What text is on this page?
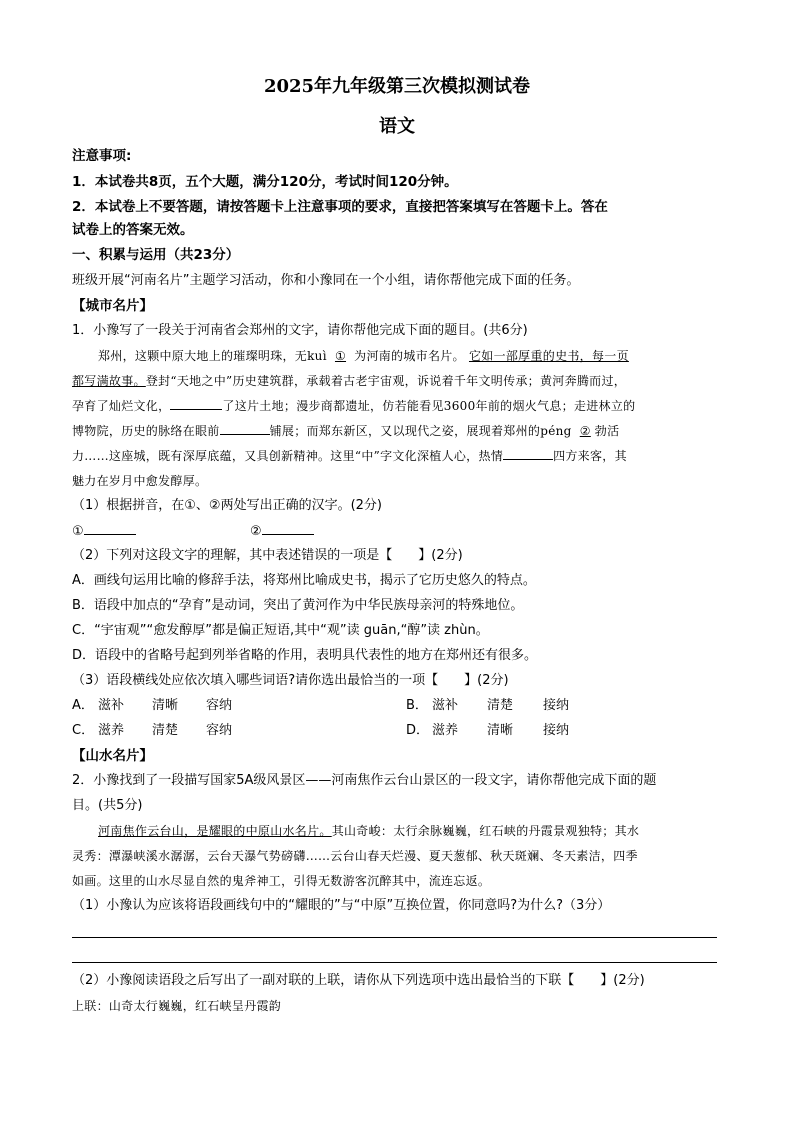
2025年九年级第三次模拟测试卷
语文
注意事项:
1．本试卷共8页，五个大题，满分120分，考试时间120分钟。
2．本试卷上不要答题，请按答题卡上注意事项的要求，直接把答案填写在答题卡上。答在
试卷上的答案无效。
一、积累与运用（共23分）
班级开展“河南名片”主题学习活动，你和小豫同在一个小组，请你帮他完成下面的任务。
【城市名片】
1．小豫写了一段关于河南省会郑州的文字，请你帮他完成下面的题目。(共6分)
郑州，这颗中原大地上的璀璨明珠，无kuì ① 为河南的城市名片。 它如一部厚重的史书，每一页
都写满故事。登封“天地之中”历史建筑群，承载着古老宇宙观，诉说着千年文明传承；黄河奔腾而过，
孕育了灿烂文化，	了这片土地；漫步商都遗址，仿若能看见3600年前的烟火气息；走进林立的
博物院，历史的脉络在眼前	铺展；而郑东新区，又以现代之姿，展现着郑州的péng ② 勃活
力……这座城，既有深厚底蕴，又具创新精神。这里“中”字文化深植人心，热情	四方来客，其
魅力在岁月中愈发醇厚。
（1）根据拼音，在①、②两处写出正确的汉字。(2分)
①	②
（2）下列对这段文字的理解，其中表述错误的一项是【　　】(2分)
A．画线句运用比喻的修辞手法，将郑州比喻成史书，揭示了它历史悠久的特点。
B．语段中加点的“孕育”是动词，突出了黄河作为中华民族母亲河的特殊地位。
C．“宇宙观”“愈发醇厚”都是偏正短语,其中“观”读 guān,“醇”读 zhùn。
D．语段中的省略号起到列举省略的作用，表明具代表性的地方在郑州还有很多。
（3）语段横线处应依次填入哪些词语?请你选出最恰当的一项【　　】(2分)
A． 滋补 清晰 容纳	B． 滋补 清楚 接纳
C． 滋养 清楚 容纳	D． 滋养 清晰 接纳
【山水名片】
2．小豫找到了一段描写国家5A级风景区——河南焦作云台山景区的一段文字，请你帮他完成下面的题
目。(共5分)
河南焦作云台山，是耀眼的中原山水名片。其山奇峻：太行余脉巍巍，红石峡的丹霞景观独特；其水
灵秀：潭瀑峡溪水潺潺，云台天瀑气势磅礴……云台山春天烂漫、夏天葱郁、秋天斑斓、冬天素洁，四季
如画。这里的山水尽显自然的鬼斧神工，引得无数游客沉醉其中，流连忘返。
（1）小豫认为应该将语段画线句中的“耀眼的”与“中原”互换位置，你同意吗?为什么?（3分）
（2）小豫阅读语段之后写出了一副对联的上联，请你从下列选项中选出最恰当的下联【　　】(2分)
上联：山奇太行巍巍，红石峡呈丹霞韵
